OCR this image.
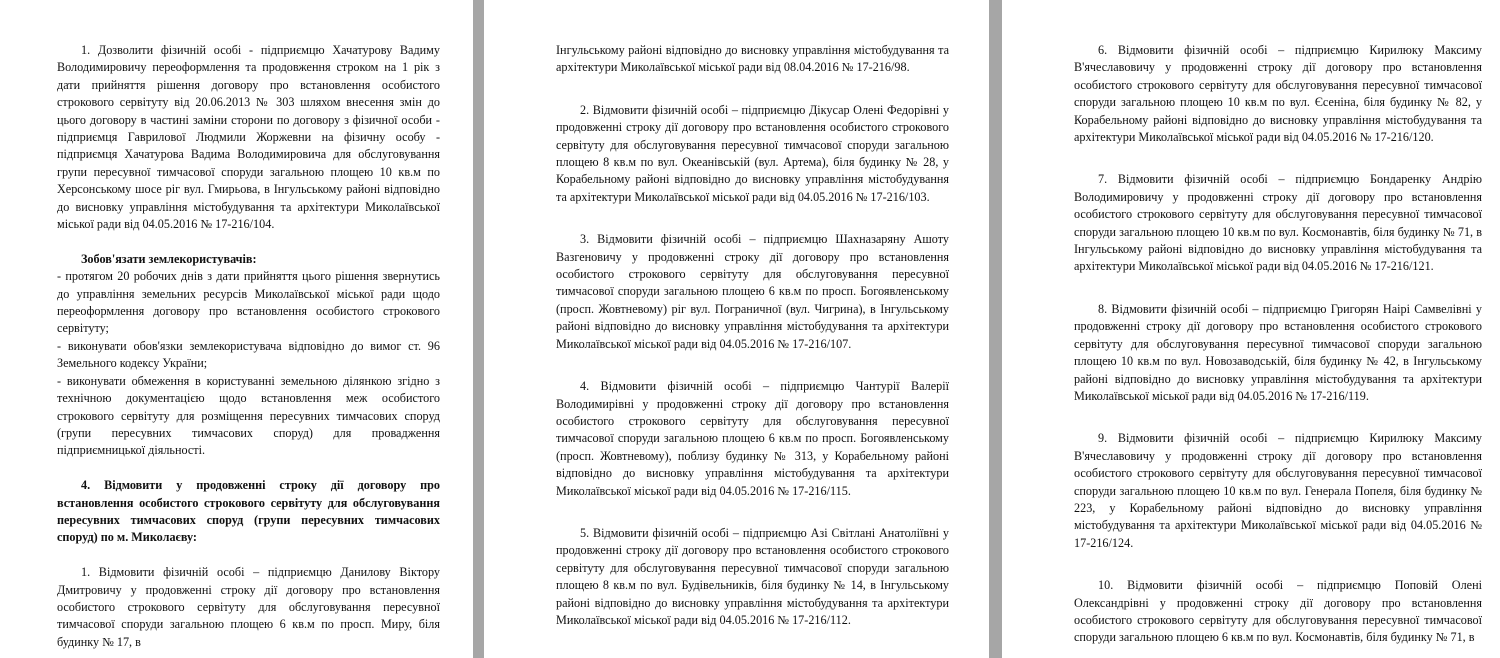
1. Дозволити фізичній особі - підприємцю Хачатурову Вадиму Володимировичу переоформлення та продовження строком на 1 рік з дати прийняття рішення договору про встановлення особистого строкового сервітуту від 20.06.2013 № 303 шляхом внесення змін до цього договору в частині заміни сторони по договору з фізичної особи - підприємця Гаврилової Людмили Жоржевни на фізичну особу - підприємця Хачатурова Вадима Володимировича для обслуговування групи пересувної тимчасової споруди загальною площею 10 кв.м по Херсонському шосе ріг вул. Гмирьова, в Інгульському районі відповідно до висновку управління містобудування та архітектури Миколаївської міської ради від 04.05.2016 № 17-216/104.

Зобов'язати землекористувачів:

- протягом 20 робочих днів з дати прийняття цього рішення звернутись до управління земельних ресурсів Миколаївської міської ради щодо переоформлення договору про встановлення особистого строкового сервітуту;

- виконувати обов'язки землекористувача відповідно до вимог ст. 96 Земельного кодексу України;

- виконувати обмеження в користуванні земельною ділянкою згідно з технічною документацією щодо встановлення меж особистого строкового сервітуту для розміщення пересувних тимчасових споруд (групи пересувних тимчасових споруд) для провадження підприємницької діяльності.

4. Відмовити у продовженні строку дії договору про встановлення особистого строкового сервітуту для обслуговування пересувних тимчасових споруд (групи пересувних тимчасових споруд) по м. Миколаєву:

1. Відмовити фізичній особі – підприємцю Данилову Віктору Дмитровичу у продовженні строку дії договору про встановлення особистого строкового сервітуту для обслуговування пересувної тимчасової споруди загальною площею 6 кв.м по просп. Миру, біля будинку № 17, в

Інгульському районі відповідно до висновку управління містобудування та архітектури Миколаївської міської ради від 08.04.2016 № 17-216/98.

2. Відмовити фізичній особі – підприємцю Дікусар Олені Федорівні у продовженні строку дії договору про встановлення особистого строкового сервітуту для обслуговування пересувної тимчасової споруди загальною площею 8 кв.м по вул. Океанівській (вул. Артема), біля будинку № 28, у Корабельному районі відповідно до висновку управління містобудування та архітектури Миколаївської міської ради від 04.05.2016 № 17-216/103.

3. Відмовити фізичній особі – підприємцю Шахназаряну Ашоту Вазгеновичу у продовженні строку дії договору про встановлення особистого строкового сервітуту для обслуговування пересувної тимчасової споруди загальною площею 6 кв.м по просп. Богоявленському (просп. Жовтневому) ріг вул. Пограничної (вул. Чигрина), в Інгульському районі відповідно до висновку управління містобудування та архітектури Миколаївської міської ради від 04.05.2016 № 17-216/107.

4. Відмовити фізичній особі – підприємцю Чантурії Валерії Володимирівні у продовженні строку дії договору про встановлення особистого строкового сервітуту для обслуговування пересувної тимчасової споруди загальною площею 6 кв.м по просп. Богоявленському (просп. Жовтневому), поблизу будинку № 313, у Корабельному районі відповідно до висновку управління містобудування та архітектури Миколаївської міської ради від 04.05.2016 № 17-216/115.

5. Відмовити фізичній особі – підприємцю Азі Світлані Анатоліївні у продовженні строку дії договору про встановлення особистого строкового сервітуту для обслуговування пересувної тимчасової споруди загальною площею 8 кв.м по вул. Будівельників, біля будинку № 14, в Інгульському районі відповідно до висновку управління містобудування та архітектури Миколаївської міської ради від 04.05.2016 № 17-216/112.

6. Відмовити фізичній особі – підприємцю Кирилюку Максиму В'ячеславовичу у продовженні строку дії договору про встановлення особистого строкового сервітуту для обслуговування пересувної тимчасової споруди загальною площею 10 кв.м по вул. Єсеніна, біля будинку № 82, у Корабельному районі відповідно до висновку управління містобудування та архітектури Миколаївської міської ради від 04.05.2016 № 17-216/120.

7. Відмовити фізичній особі – підприємцю Бондаренку Андрію Володимировичу у продовженні строку дії договору про встановлення особистого строкового сервітуту для обслуговування пересувної тимчасової споруди загальною площею 10 кв.м по вул. Космонавтів, біля будинку № 71, в Інгульському районі відповідно до висновку управління містобудування та архітектури Миколаївської міської ради від 04.05.2016 № 17-216/121.

8. Відмовити фізичній особі – підприємцю Григорян Наірі Самвелівні у продовженні строку дії договору про встановлення особистого строкового сервітуту для обслуговування пересувної тимчасової споруди загальною площею 10 кв.м по вул. Новозаводській, біля будинку № 42, в Інгульському районі відповідно до висновку управління містобудування та архітектури Миколаївської міської ради від 04.05.2016 № 17-216/119.

9. Відмовити фізичній особі – підприємцю Кирилюку Максиму В'ячеславовичу у продовженні строку дії договору про встановлення особистого строкового сервітуту для обслуговування пересувної тимчасової споруди загальною площею 10 кв.м по вул. Генерала Попеля, біля будинку № 223, у Корабельному районі відповідно до висновку управління містобудування та архітектури Миколаївської міської ради від 04.05.2016 № 17-216/124.

10. Відмовити фізичній особі – підприємцю Поповій Олені Олександрівні у продовженні строку дії договору про встановлення особистого строкового сервітуту для обслуговування пересувної тимчасової споруди загальною площею 6 кв.м по вул. Космонавтів, біля будинку № 71, в
